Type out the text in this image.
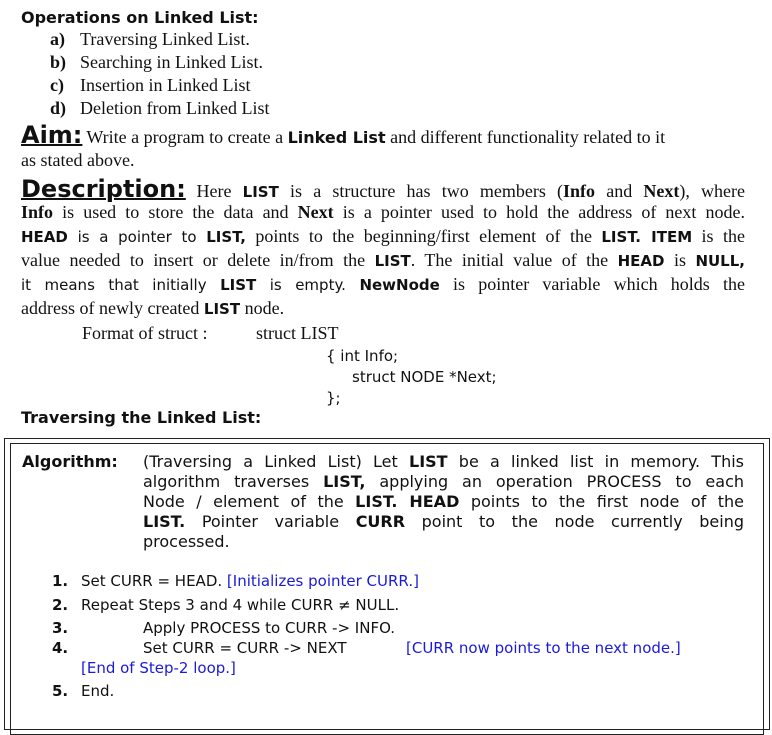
Operations on Linked List:
a) Traversing Linked List.
b) Searching in Linked List.
c) Insertion in Linked List
d) Deletion from Linked List
Aim: Write a program to create a Linked List and different functionality related to it
as stated above.
Description: Here LIST is a structure has two members (Info and Next), where
Info is used to store the data and Next is a pointer used to hold the address of next node.
HEAD is a pointer to LIST, points to the beginning/first element of the LIST. ITEM is the
value needed to insert or delete in/from the LIST. The initial value of the HEAD is NULL,
it means that initially LIST is empty. NewNode is pointer variable which holds the
address of newly created LIST node.
Format of struct :	struct LIST
{ int Info;
struct NODE *Next;
};
Traversing the Linked List:
Algorithm: (Traversing a Linked List) Let LIST be a linked list in memory. This
algorithm traverses LIST, applying an operation PROCESS to each
Node / element of the LIST. HEAD points to the first node of the
LIST. Pointer variable CURR point to the node currently being
processed.
1. Set CURR = HEAD. [Initializes pointer CURR.]
2. Repeat Steps 3 and 4 while CURR ≠ NULL.
3.	Apply PROCESS to CURR -> INFO.
4.	Set CURR = CURR -> NEXT	[CURR now points to the next node.]
[End of Step-2 loop.]
5. End.
